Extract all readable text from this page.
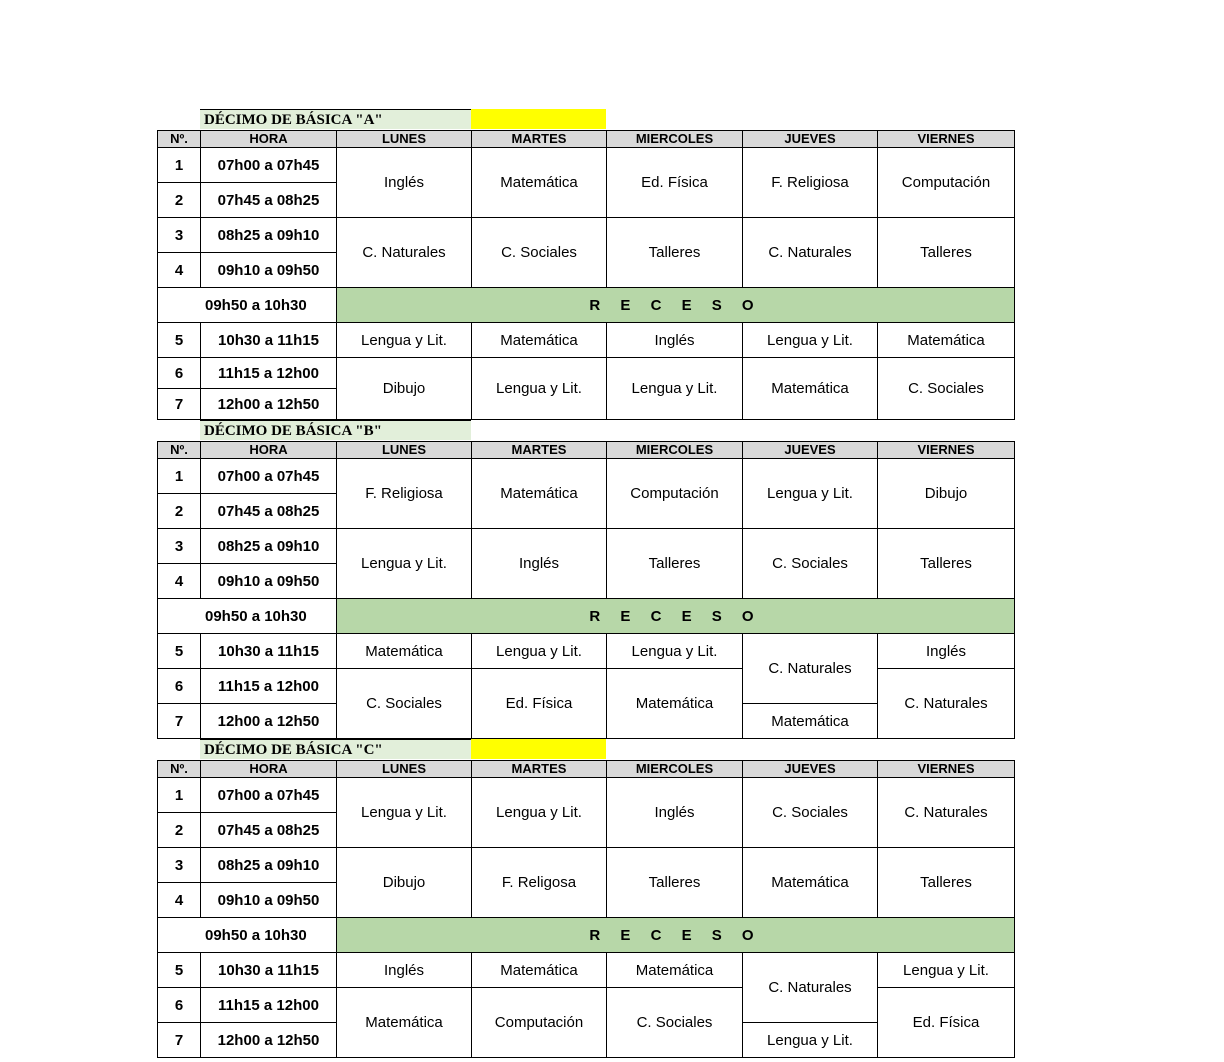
DÉCIMO DE BÁSICA "A"
Nº.	HORA	LUNES	MARTES	MIERCOLES	JUEVES	VIERNES
1	07h00 a 07h45	Inglés	Matemática	Ed. Física	F. Religiosa	Computación
2	07h45 a 08h25					
3	08h25 a 09h10	C. Naturales	C. Sociales	Talleres	C. Naturales	Talleres
4	09h10 a 09h50					
09h50 a 10h30		R E C E S O				
5	10h30 a 11h15	Lengua y Lit.	Matemática	Inglés	Lengua y Lit.	Matemática
6	11h15 a 12h00	Dibujo	Lengua y Lit.	Lengua y Lit.	Matemática	C. Sociales
7	12h00 a 12h50					
DÉCIMO DE BÁSICA "B"
Nº.	HORA	LUNES	MARTES	MIERCOLES	JUEVES	VIERNES
1	07h00 a 07h45	F. Religiosa	Matemática	Computación	Lengua y Lit.	Dibujo
2	07h45 a 08h25					
3	08h25 a 09h10	Lengua y Lit.	Inglés	Talleres	C. Sociales	Talleres
4	09h10 a 09h50					
09h50 a 10h30		R E C E S O				
5	10h30 a 11h15	Matemática	Lengua y Lit.	Lengua y Lit.	C. Naturales	Inglés
6	11h15 a 12h00	C. Sociales	Ed. Física	Matemática		C. Naturales
7	12h00 a 12h50				Matemática	
DÉCIMO DE BÁSICA "C"
Nº.	HORA	LUNES	MARTES	MIERCOLES	JUEVES	VIERNES
1	07h00 a 07h45	Lengua y Lit.	Lengua y Lit.	Inglés	C. Sociales	C. Naturales
2	07h45 a 08h25					
3	08h25 a 09h10	Dibujo	F. Religosa	Talleres	Matemática	Talleres
4	09h10 a 09h50					
09h50 a 10h30		R E C E S O				
5	10h30 a 11h15	Inglés	Matemática	Matemática	C. Naturales	Lengua y Lit.
6	11h15 a 12h00	Matemática	Computación	C. Sociales		Ed. Física
7	12h00 a 12h50				Lengua y Lit.	
